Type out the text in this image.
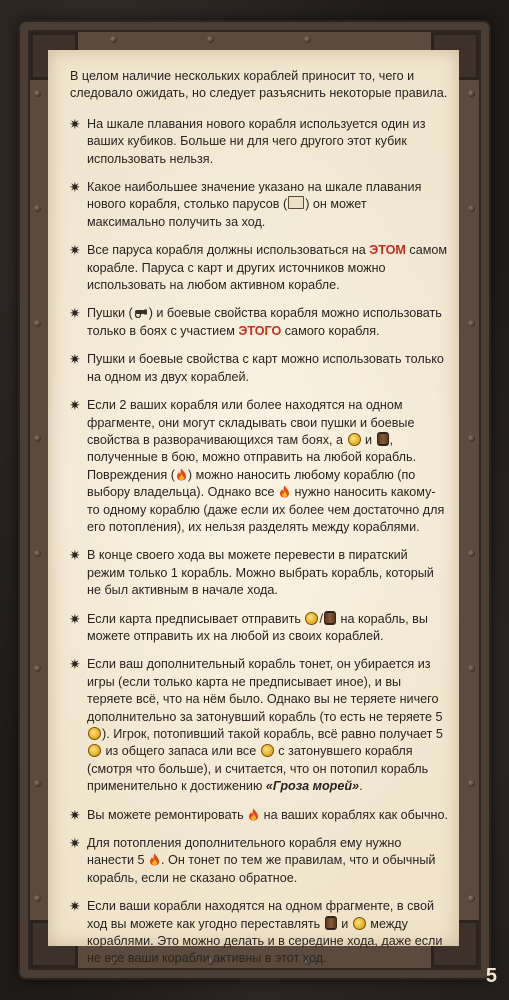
В целом наличие нескольких кораблей приносит то, чего и следовало ожидать, но следует разъяснить некоторые правила.

✷ На шкале плавания нового корабля используется один из ваших кубиков. Больше ни для чего другого этот кубик использовать нельзя.
✷ Какое наибольшее значение указано на шкале плавания нового корабля, столько парусов ( ) он может максимально получить за ход.
✷ Все паруса корабля должны использоваться на ЭТОМ самом корабле. Паруса с карт и других источников можно использовать на любом активном корабле.
✷ Пушки ( ) и боевые свойства корабля можно использовать только в боях с участием ЭТОГО самого корабля.
✷ Пушки и боевые свойства с карт можно использовать только на одном из двух кораблей.
✷ Если 2 ваших корабля или более находятся на одном фрагменте, они могут складывать свои пушки и боевые свойства в разворачивающихся там боях, а  и , полученные в бою, можно отправить на любой корабль. Повреждения ( ) можно наносить любому кораблю (по выбору владельца). Однако все  нужно наносить какому-то одному кораблю (даже если их более чем достаточно для его потопления), их нельзя разделять между кораблями.
✷ В конце своего хода вы можете перевести в пиратский режим только 1 корабль. Можно выбрать корабль, который не был активным в начале хода.
✷ Если карта предписывает отправить / на корабль, вы можете отправить их на любой из своих кораблей.
✷ Если ваш дополнительный корабль тонет, он убирается из игры (если только карта не предписывает иное), и вы теряете всё, что на нём было. Однако вы не теряете ничего дополнительно за затонувший корабль (то есть не теряете 5 ). Игрок, потопивший такой корабль, всё равно получает 5  из общего запаса или все  с затонувшего корабля (смотря что больше), и считается, что он потопил корабль применительно к достижению «Гроза морей».
✷ Вы можете ремонтировать  на ваших кораблях как обычно.
✷ Для потопления дополнительного корабля ему нужно нанести 5 . Он тонет по тем же правилам, что и обычный корабль, если не сказано обратное.
✷ Если ваши корабли находятся на одном фрагменте, в свой ход вы можете как угодно переставлять  и  между кораблями. Это можно делать и в середине хода, даже если не все ваши корабли активны в этот ход.
5
